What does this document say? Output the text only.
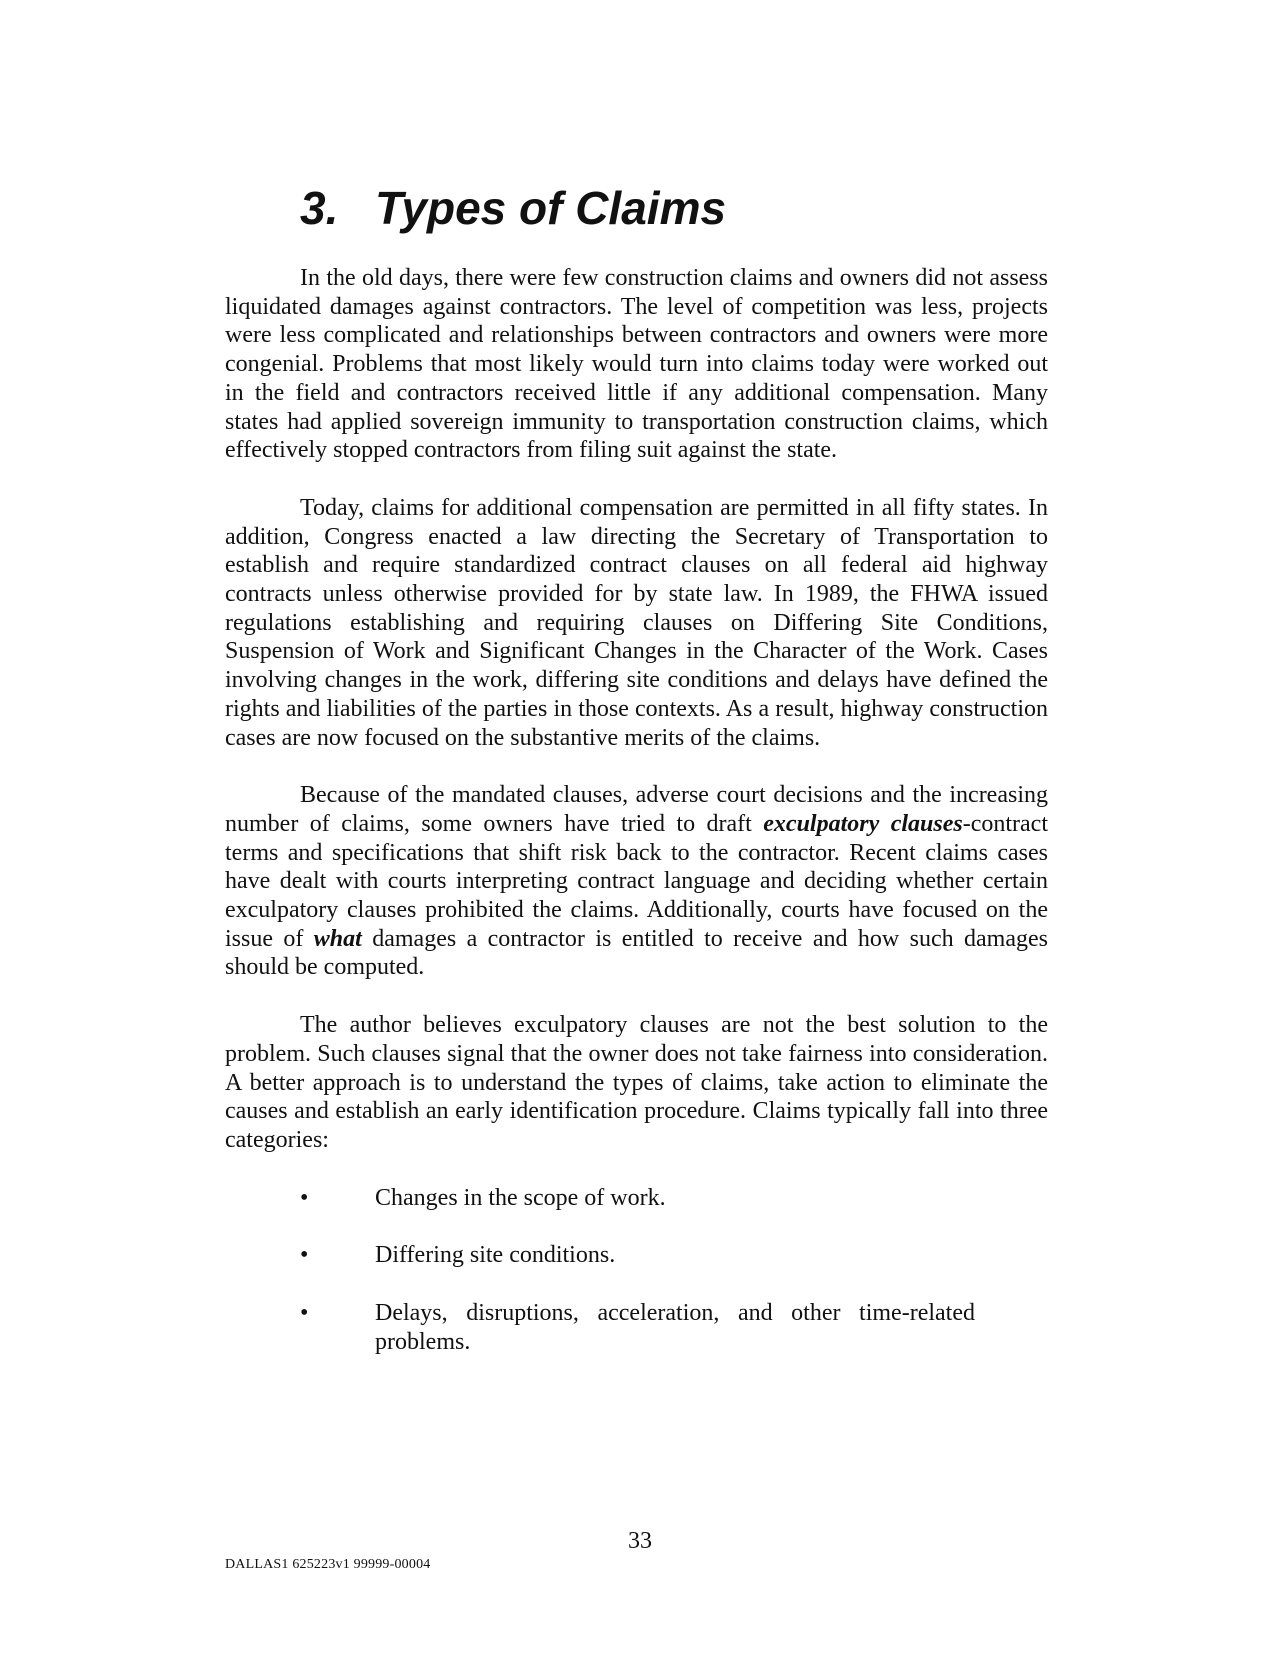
3. Types of Claims

In the old days, there were few construction claims and owners did not assess liquidated damages against contractors. The level of competition was less, projects were less complicated and relationships between contractors and owners were more congenial. Problems that most likely would turn into claims today were worked out in the field and contractors received little if any additional compensation. Many states had applied sovereign immunity to transportation construction claims, which effectively stopped contractors from filing suit against the state.

Today, claims for additional compensation are permitted in all fifty states. In addition, Congress enacted a law directing the Secretary of Transportation to establish and require standardized contract clauses on all federal aid highway contracts unless otherwise provided for by state law. In 1989, the FHWA issued regulations establishing and requiring clauses on Differing Site Conditions, Suspension of Work and Significant Changes in the Character of the Work. Cases involving changes in the work, differing site conditions and delays have defined the rights and liabilities of the parties in those contexts. As a result, highway construction cases are now focused on the substantive merits of the claims.

Because of the mandated clauses, adverse court decisions and the increasing number of claims, some owners have tried to draft exculpatory clauses-contract terms and specifications that shift risk back to the contractor. Recent claims cases have dealt with courts interpreting contract language and deciding whether certain exculpatory clauses prohibited the claims. Additionally, courts have focused on the issue of what damages a contractor is entitled to receive and how such damages should be computed.

The author believes exculpatory clauses are not the best solution to the problem. Such clauses signal that the owner does not take fairness into consideration. A better approach is to understand the types of claims, take action to eliminate the causes and establish an early identification procedure. Claims typically fall into three categories:

•	Changes in the scope of work.
•	Differing site conditions.
•	Delays, disruptions, acceleration, and other time-related problems.
33
DALLAS1 625223v1 99999-00004
